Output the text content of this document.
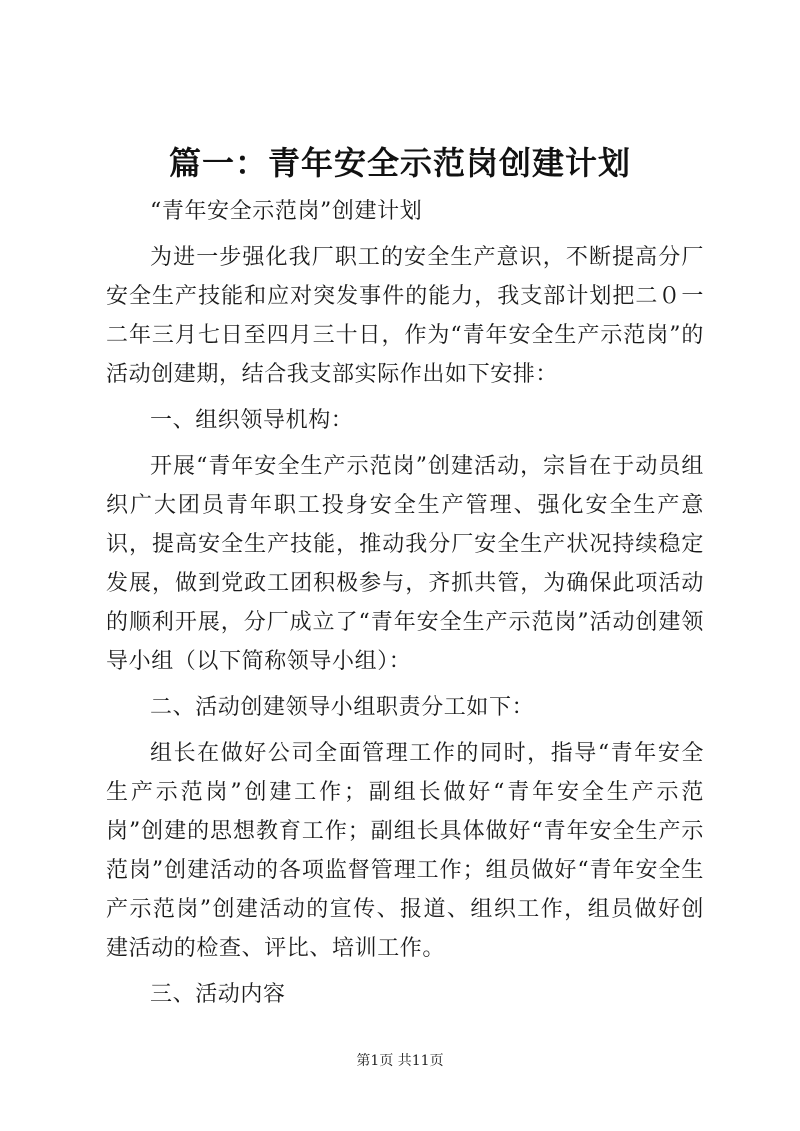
篇一：青年安全示范岗创建计划

“青年安全示范岗”创建计划

为进一步强化我厂职工的安全生产意识，不断提高分厂安全生产技能和应对突发事件的能力，我支部计划把二０一二年三月七日至四月三十日，作为“青年安全生产示范岗”的活动创建期，结合我支部实际作出如下安排：

一、组织领导机构：

开展“青年安全生产示范岗”创建活动，宗旨在于动员组织广大团员青年职工投身安全生产管理、强化安全生产意识，提高安全生产技能，推动我分厂安全生产状况持续稳定发展，做到党政工团积极参与，齐抓共管，为确保此项活动的顺利开展，分厂成立了“青年安全生产示范岗”活动创建领导小组（以下简称领导小组）：

二、活动创建领导小组职责分工如下：

组长在做好公司全面管理工作的同时，指导“青年安全生产示范岗”创建工作；副组长做好“青年安全生产示范岗”创建的思想教育工作；副组长具体做好“青年安全生产示范岗”创建活动的各项监督管理工作；组员做好“青年安全生产示范岗”创建活动的宣传、报道、组织工作，组员做好创建活动的检查、评比、培训工作。

三、活动内容

第1页 共11页
